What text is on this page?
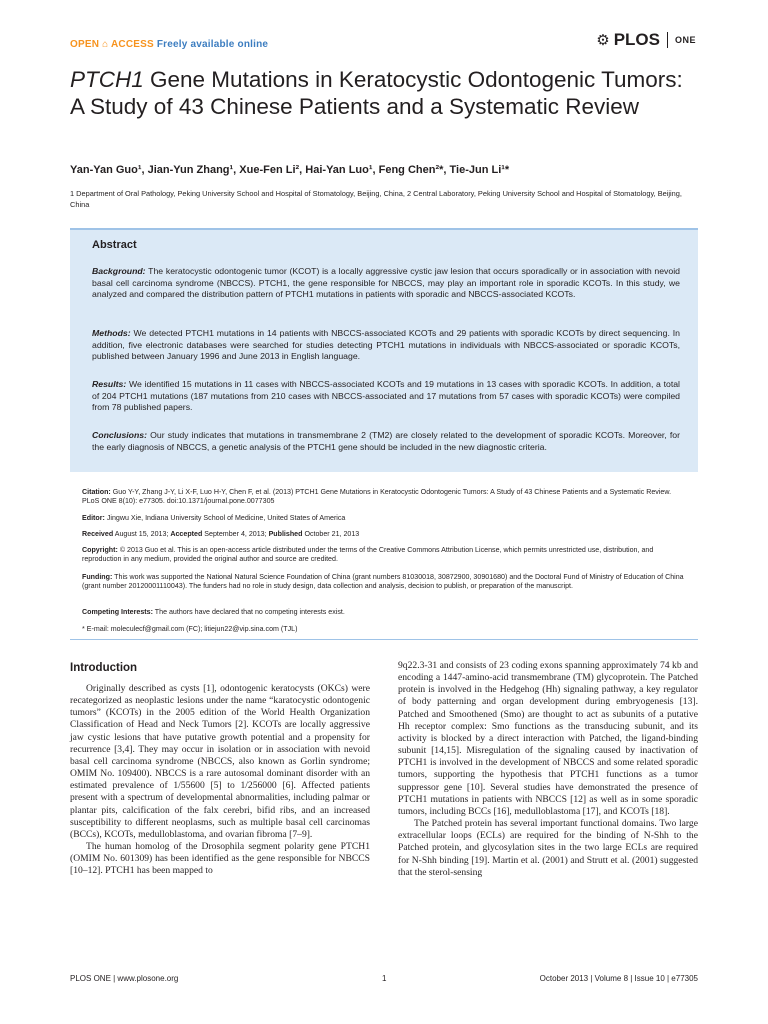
OPEN ⌂ ACCESS Freely available online	⚙ PLOS ONE
PTCH1 Gene Mutations in Keratocystic Odontogenic Tumors: A Study of 43 Chinese Patients and a Systematic Review
Yan-Yan Guo¹, Jian-Yun Zhang¹, Xue-Fen Li², Hai-Yan Luo¹, Feng Chen²*, Tie-Jun Li¹*
1 Department of Oral Pathology, Peking University School and Hospital of Stomatology, Beijing, China, 2 Central Laboratory, Peking University School and Hospital of Stomatology, Beijing, China
Abstract
Background: The keratocystic odontogenic tumor (KCOT) is a locally aggressive cystic jaw lesion that occurs sporadically or in association with nevoid basal cell carcinoma syndrome (NBCCS). PTCH1, the gene responsible for NBCCS, may play an important role in sporadic KCOTs. In this study, we analyzed and compared the distribution pattern of PTCH1 mutations in patients with sporadic and NBCCS-associated KCOTs.
Methods: We detected PTCH1 mutations in 14 patients with NBCCS-associated KCOTs and 29 patients with sporadic KCOTs by direct sequencing. In addition, five electronic databases were searched for studies detecting PTCH1 mutations in individuals with NBCCS-associated or sporadic KCOTs, published between January 1996 and June 2013 in English language.
Results: We identified 15 mutations in 11 cases with NBCCS-associated KCOTs and 19 mutations in 13 cases with sporadic KCOTs. In addition, a total of 204 PTCH1 mutations (187 mutations from 210 cases with NBCCS-associated and 17 mutations from 57 cases with sporadic KCOTs) were compiled from 78 published papers.
Conclusions: Our study indicates that mutations in transmembrane 2 (TM2) are closely related to the development of sporadic KCOTs. Moreover, for the early diagnosis of NBCCS, a genetic analysis of the PTCH1 gene should be included in the new diagnostic criteria.
Citation: Guo Y-Y, Zhang J-Y, Li X-F, Luo H-Y, Chen F, et al. (2013) PTCH1 Gene Mutations in Keratocystic Odontogenic Tumors: A Study of 43 Chinese Patients and a Systematic Review. PLoS ONE 8(10): e77305. doi:10.1371/journal.pone.0077305
Editor: Jingwu Xie, Indiana University School of Medicine, United States of America
Received August 15, 2013; Accepted September 4, 2013; Published October 21, 2013
Copyright: © 2013 Guo et al. This is an open-access article distributed under the terms of the Creative Commons Attribution License, which permits unrestricted use, distribution, and reproduction in any medium, provided the original author and source are credited.
Funding: This work was supported the National Natural Science Foundation of China (grant numbers 81030018, 30872900, 30901680) and the Doctoral Fund of Ministry of Education of China (grant number 20120001110043). The funders had no role in study design, data collection and analysis, decision to publish, or preparation of the manuscript.
Competing Interests: The authors have declared that no competing interests exist.
* E-mail: moleculecf@gmail.com (FC); litiejun22@vip.sina.com (TJL)
Introduction

Originally described as cysts [1], odontogenic keratocysts (OKCs) were recategorized as neoplastic lesions under the name “karatocystic odontogenic tumors” (KCOTs) in the 2005 edition of the World Health Organization Classification of Head and Neck Tumors [2]. KCOTs are locally aggressive jaw cystic lesions that have putative growth potential and a propensity for recurrence [3,4]. They may occur in isolation or in association with nevoid basal cell carcinoma syndrome (NBCCS, also known as Gorlin syndrome; OMIM No. 109400). NBCCS is a rare autosomal dominant disorder with an estimated prevalence of 1/55600 [5] to 1/256000 [6]. Affected patients present with a spectrum of developmental abnormalities, including palmar or plantar pits, calcification of the falx cerebri, bifid ribs, and an increased susceptibility to different neoplasms, such as multiple basal cell carcinomas (BCCs), KCOTs, medulloblastoma, and ovarian fibroma [7–9].

The human homolog of the Drosophila segment polarity gene PTCH1 (OMIM No. 601309) has been identified as the gene responsible for NBCCS [10–12]. PTCH1 has been mapped to

9q22.3-31 and consists of 23 coding exons spanning approximately 74 kb and encoding a 1447-amino-acid transmembrane (TM) glycoprotein. The Patched protein is involved in the Hedgehog (Hh) signaling pathway, a key regulator of body patterning and organ development during embryogenesis [13]. Patched and Smoothened (Smo) are thought to act as subunits of a putative Hh receptor complex: Smo functions as the transducing subunit, and its activity is blocked by a direct interaction with Patched, the ligand-binding subunit [14,15]. Misregulation of the signaling caused by inactivation of PTCH1 is involved in the development of NBCCS and some related sporadic tumors, supporting the hypothesis that PTCH1 functions as a tumor suppressor gene [10]. Several studies have demonstrated the presence of PTCH1 mutations in patients with NBCCS [12] as well as in some sporadic tumors, including BCCs [16], medulloblastoma [17], and KCOTs [18].

The Patched protein has several important functional domains. Two large extracellular loops (ECLs) are required for the binding of N-Shh to the Patched protein, and glycosylation sites in the two large ECLs are required for N-Shh binding [19]. Martin et al. (2001) and Strutt et al. (2001) suggested that the sterol-sensing

PLOS ONE | www.plosone.org	1	October 2013 | Volume 8 | Issue 10 | e77305
